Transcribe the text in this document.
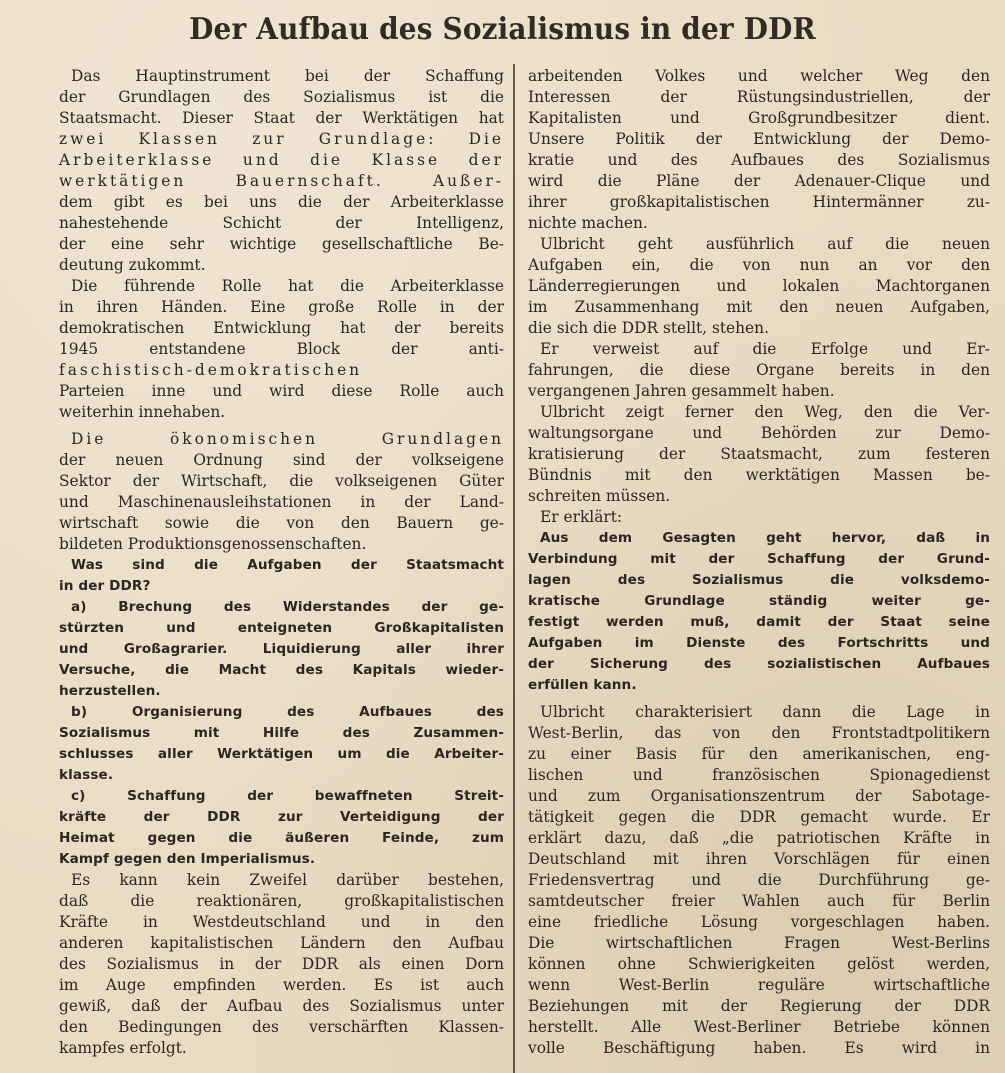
Der Aufbau des Sozialismus in der DDR
Das Hauptinstrument bei der Schaffung
der Grundlagen des Sozialismus ist die
Staatsmacht. Dieser Staat der Werktätigen hat
zwei Klassen zur Grundlage: Die
Arbeiterklasse und die Klasse der
werktätigen Bauernschaft. Außer-
dem gibt es bei uns die der Arbeiterklasse
nahestehende Schicht der Intelligenz,
der eine sehr wichtige gesellschaftliche Be-
deutung zukommt.
Die führende Rolle hat die Arbeiterklasse
in ihren Händen. Eine große Rolle in der
demokratischen Entwicklung hat der bereits
1945 entstandene Block der anti-
faschistisch-demokratischen
Parteien inne und wird diese Rolle auch
weiterhin innehaben.
Die ökonomischen Grundlagen
der neuen Ordnung sind der volkseigene
Sektor der Wirtschaft, die volkseigenen Güter
und Maschinenausleihstationen in der Land-
wirtschaft sowie die von den Bauern ge-
bildeten Produktionsgenossenschaften.
Was sind die Aufgaben der Staatsmacht
in der DDR?
a) Brechung des Widerstandes der ge-
stürzten und enteigneten Großkapitalisten
und Großagrarier. Liquidierung aller ihrer
Versuche, die Macht des Kapitals wieder-
herzustellen.
b) Organisierung des Aufbaues des
Sozialismus mit Hilfe des Zusammen-
schlusses aller Werktätigen um die Arbeiter-
klasse.
c) Schaffung der bewaffneten Streit-
kräfte der DDR zur Verteidigung der
Heimat gegen die äußeren Feinde, zum
Kampf gegen den Imperialismus.
Es kann kein Zweifel darüber bestehen,
daß die reaktionären, großkapitalistischen
Kräfte in Westdeutschland und in den
anderen kapitalistischen Ländern den Aufbau
des Sozialismus in der DDR als einen Dorn
im Auge empfinden werden. Es ist auch
gewiß, daß der Aufbau des Sozialismus unter
den Bedingungen des verschärften Klassen-
kampfes erfolgt.
arbeitenden Volkes und welcher Weg den
Interessen der Rüstungsindustriellen, der
Kapitalisten und Großgrundbesitzer dient.
Unsere Politik der Entwicklung der Demo-
kratie und des Aufbaues des Sozialismus
wird die Pläne der Adenauer-Clique und
ihrer großkapitalistischen Hintermänner zu-
nichte machen.
Ulbricht geht ausführlich auf die neuen
Aufgaben ein, die von nun an vor den
Länderregierungen und lokalen Machtorganen
im Zusammenhang mit den neuen Aufgaben,
die sich die DDR stellt, stehen.
Er verweist auf die Erfolge und Er-
fahrungen, die diese Organe bereits in den
vergangenen Jahren gesammelt haben.
Ulbricht zeigt ferner den Weg, den die Ver-
waltungsorgane und Behörden zur Demo-
kratisierung der Staatsmacht, zum festeren
Bündnis mit den werktätigen Massen be-
schreiten müssen.
Er erklärt:
Aus dem Gesagten geht hervor, daß in
Verbindung mit der Schaffung der Grund-
lagen des Sozialismus die volksdemo-
kratische Grundlage ständig weiter ge-
festigt werden muß, damit der Staat seine
Aufgaben im Dienste des Fortschritts und
der Sicherung des sozialistischen Aufbaues
erfüllen kann.
Ulbricht charakterisiert dann die Lage in
West-Berlin, das von den Frontstadtpolitikern
zu einer Basis für den amerikanischen, eng-
lischen und französischen Spionagedienst
und zum Organisationszentrum der Sabotage-
tätigkeit gegen die DDR gemacht wurde. Er
erklärt dazu, daß „die patriotischen Kräfte in
Deutschland mit ihren Vorschlägen für einen
Friedensvertrag und die Durchführung ge-
samtdeutscher freier Wahlen auch für Berlin
eine friedliche Lösung vorgeschlagen haben.
Die wirtschaftlichen Fragen West-Berlins
können ohne Schwierigkeiten gelöst werden,
wenn West-Berlin reguläre wirtschaftliche
Beziehungen mit der Regierung der DDR
herstellt. Alle West-Berliner Betriebe können
volle Beschäftigung haben. Es wird in
